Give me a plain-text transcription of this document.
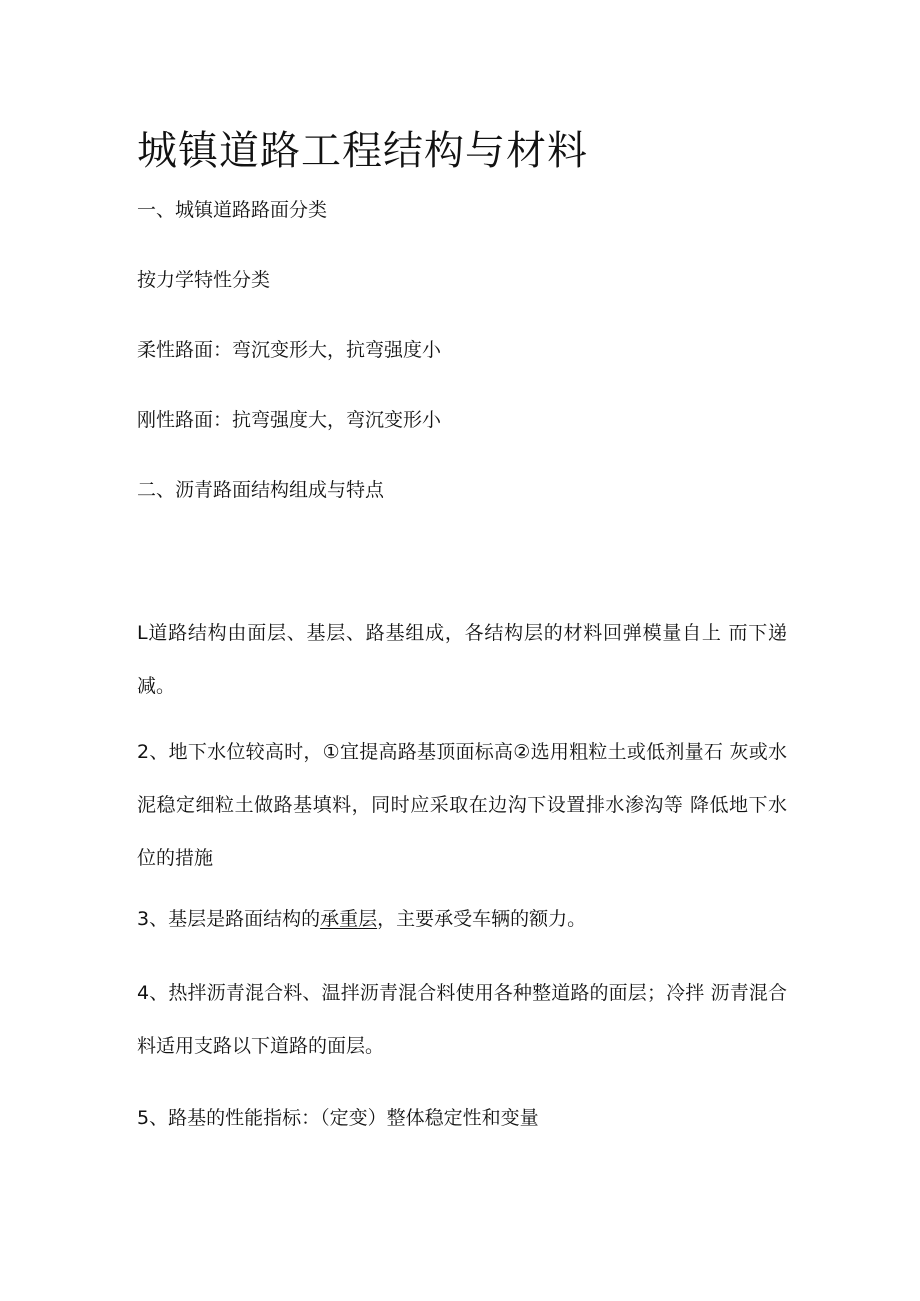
城镇道路工程结构与材料

一、城镇道路路面分类

按力学特性分类

柔性路面：弯沉变形大，抗弯强度小

刚性路面：抗弯强度大，弯沉变形小

二、沥青路面结构组成与特点

L道路结构由面层、基层、路基组成，各结构层的材料回弹模量自上 而下递减。

2、地下水位较高时，①宜提高路基顶面标高②选用粗粒土或低剂量石 灰或水泥稳定细粒土做路基填料，同时应采取在边沟下设置排水渗沟等 降低地下水位的措施

3、基层是路面结构的承重层，主要承受车辆的额力。

4、热拌沥青混合料、温拌沥青混合料使用各种整道路的面层；冷拌 沥青混合料适用支路以下道路的面层。

5、路基的性能指标：（定变）整体稳定性和变量
